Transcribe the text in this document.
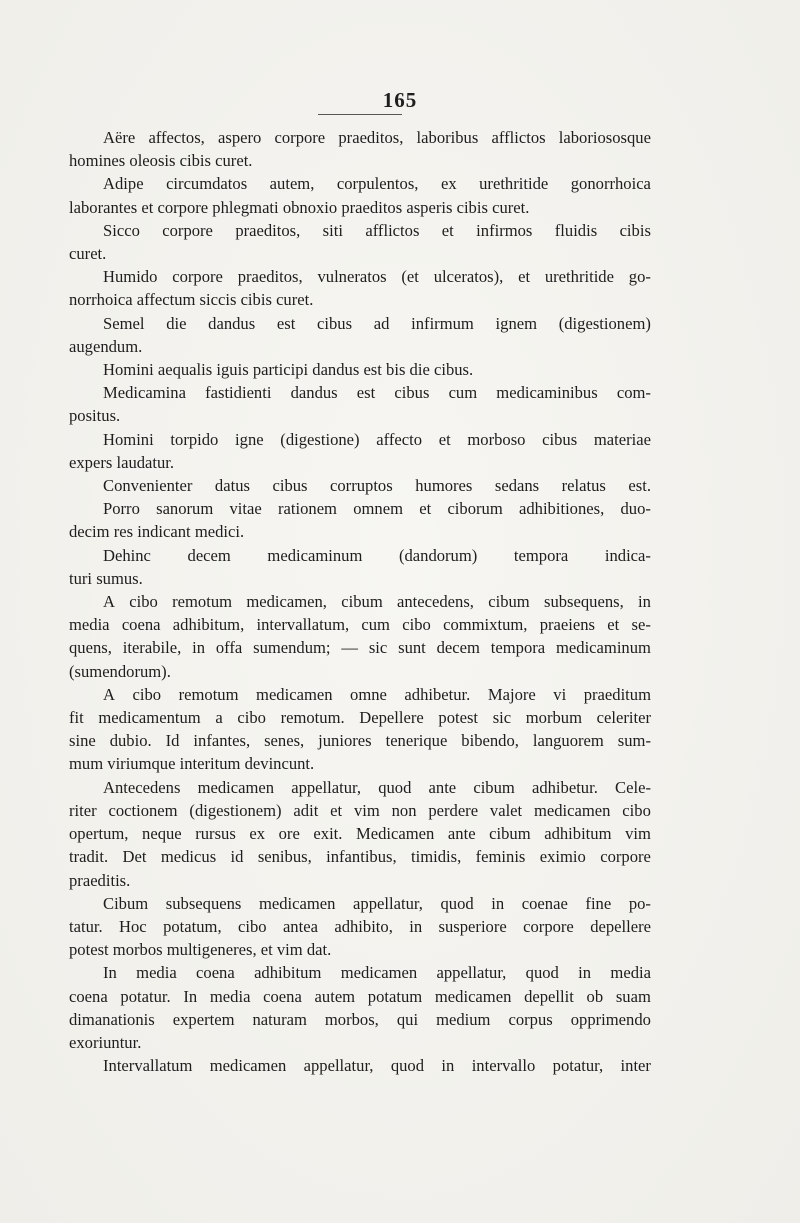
165
Aëre affectos, aspero corpore praeditos, laboribus afflictos laboriososque
homines oleosis cibis curet.
Adipe circumdatos autem, corpulentos, ex urethritide gonorrhoica
laborantes et corpore phlegmati obnoxio praeditos asperis cibis curet.
Sicco corpore praeditos, siti afflictos et infirmos fluidis cibis
curet.
Humido corpore praeditos, vulneratos (et ulceratos), et urethritide go-
norrhoica affectum siccis cibis curet.
Semel die dandus est cibus ad infirmum ignem (digestionem)
augendum.
Homini aequalis iguis participi dandus est bis die cibus.
Medicamina fastidienti dandus est cibus cum medicaminibus com-
positus.
Homini torpido igne (digestione) affecto et morboso cibus materiae
expers laudatur.
Convenienter datus cibus corruptos humores sedans relatus est.
Porro sanorum vitae rationem omnem et ciborum adhibitiones, duo-
decim res indicant medici.
Dehinc decem medicaminum (dandorum) tempora indica-
turi sumus.
A cibo remotum medicamen, cibum antecedens, cibum subsequens, in
media coena adhibitum, intervallatum, cum cibo commixtum, praeiens et se-
quens, iterabile, in offa sumendum; — sic sunt decem tempora medicaminum
(sumendorum).
A cibo remotum medicamen omne adhibetur. Majore vi praeditum
fit medicamentum a cibo remotum. Depellere potest sic morbum celeriter
sine dubio. Id infantes, senes, juniores tenerique bibendo, languorem sum-
mum viriumque interitum devincunt.
Antecedens medicamen appellatur, quod ante cibum adhibetur. Cele-
riter coctionem (digestionem) adit et vim non perdere valet medicamen cibo
opertum, neque rursus ex ore exit. Medicamen ante cibum adhibitum vim
tradit. Det medicus id senibus, infantibus, timidis, feminis eximio corpore
praeditis.
Cibum subsequens medicamen appellatur, quod in coenae fine po-
tatur. Hoc potatum, cibo antea adhibito, in susperiore corpore depellere
potest morbos multigeneres, et vim dat.
In media coena adhibitum medicamen appellatur, quod in media
coena potatur. In media coena autem potatum medicamen depellit ob suam
dimanationis expertem naturam morbos, qui medium corpus opprimendo
exoriuntur.
Intervallatum medicamen appellatur, quod in intervallo potatur, inter
